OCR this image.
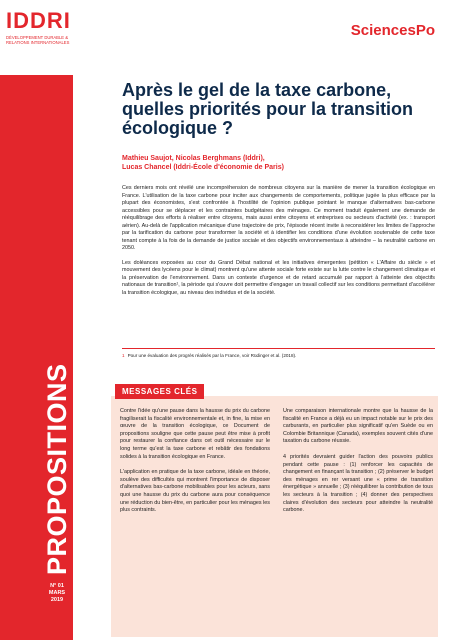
IDDRI
DÉVELOPPEMENT DURABLE & RELATIONS INTERNATIONALES
PROPOSITIONS
N° 01
MARS
2019
SciencesPo
Après le gel de la taxe carbone, quelles priorités pour la transition écologique ?
Mathieu Saujot, Nicolas Berghmans (Iddri),
Lucas Chancel (Iddri-École d'économie de Paris)

Ces derniers mois ont révélé une incompréhension de nombreux citoyens sur la manière de mener la transition écologique en France. L'utilisation de la taxe carbone pour inciter aux changements de comportements, politique jugée la plus efficace par la plupart des économistes, s'est confrontée à l'hostilité de l'opinion publique pointant le manque d'alternatives bas-carbone accessibles pour se déplacer et les contraintes budgétaires des ménages. Ce moment traduit également une demande de rééquilibrage des efforts à réaliser entre citoyens, mais aussi entre citoyens et entreprises ou secteurs d'activité (ex. : transport aérien). Au-delà de l'application mécanique d'une trajectoire de prix, l'épisode récent invite à reconsidérer les limites de l'approche par la tarification du carbone pour transformer la société et à identifier les conditions d'une évolution soutenable de cette taxe tenant compte à la fois de la demande de justice sociale et des objectifs environnementaux à atteindre – la neutralité carbone en 2050.

Les doléances exposées au cour du Grand Débat national et les initiatives émergentes (pétition « L'Affaire du siècle » et mouvement des lycéens pour le climat) montrent qu'une attente sociale forte existe sur la lutte contre le changement climatique et la préservation de l'environnement. Dans un contexte d'urgence et de retard accumulé par rapport à l'atteinte des objectifs nationaux de transition¹, la période qui s'ouvre doit permettre d'engager un travail collectif sur les conditions permettant d'accélérer la transition écologique, au niveau des individus et de la société.

1 Pour une évaluation des progrès réalisés par la France, voir Rüdinger et al. (2018).
MESSAGES CLÉS

Contre l'idée qu'une pause dans la hausse du prix du carbone fragiliserait la fiscalité environnementale et, in fine, la mise en œuvre de la transition écologique, ce Document de propositions souligne que cette pause peut être mise à profit pour restaurer la confiance dans cet outil nécessaire sur le long terme qu'est la taxe carbone et rebâtir des fondations solides à la transition écologique en France.

L'application en pratique de la taxe carbone, idéale en théorie, soulève des difficultés qui montrent l'importance de disposer d'alternatives bas-carbone mobilisables pour les acteurs, sans quoi une hausse du prix du carbone aura pour conséquence une réduction du bien-être, en particulier pour les ménages les plus contraints.

Une comparaison internationale montre que la hausse de la fiscalité en France a déjà eu un impact notable sur le prix des carburants, en particulier plus significatif qu'en Suède ou en Colombie Britannique (Canada), exemples souvent cités d'une taxation du carbone réussie.

4 priorités devraient guider l'action des pouvoirs publics pendant cette pause : (1) renforcer les capacités de changement en finançant la transition ; (2) préserver le budget des ménages en rer versant une « prime de transition énergétique » annuelle ; (3) rééquilibrer la contribution de tous les secteurs à la transition ; (4) donner des perspectives claires d'évolution des secteurs pour atteindre la neutralité carbone.
